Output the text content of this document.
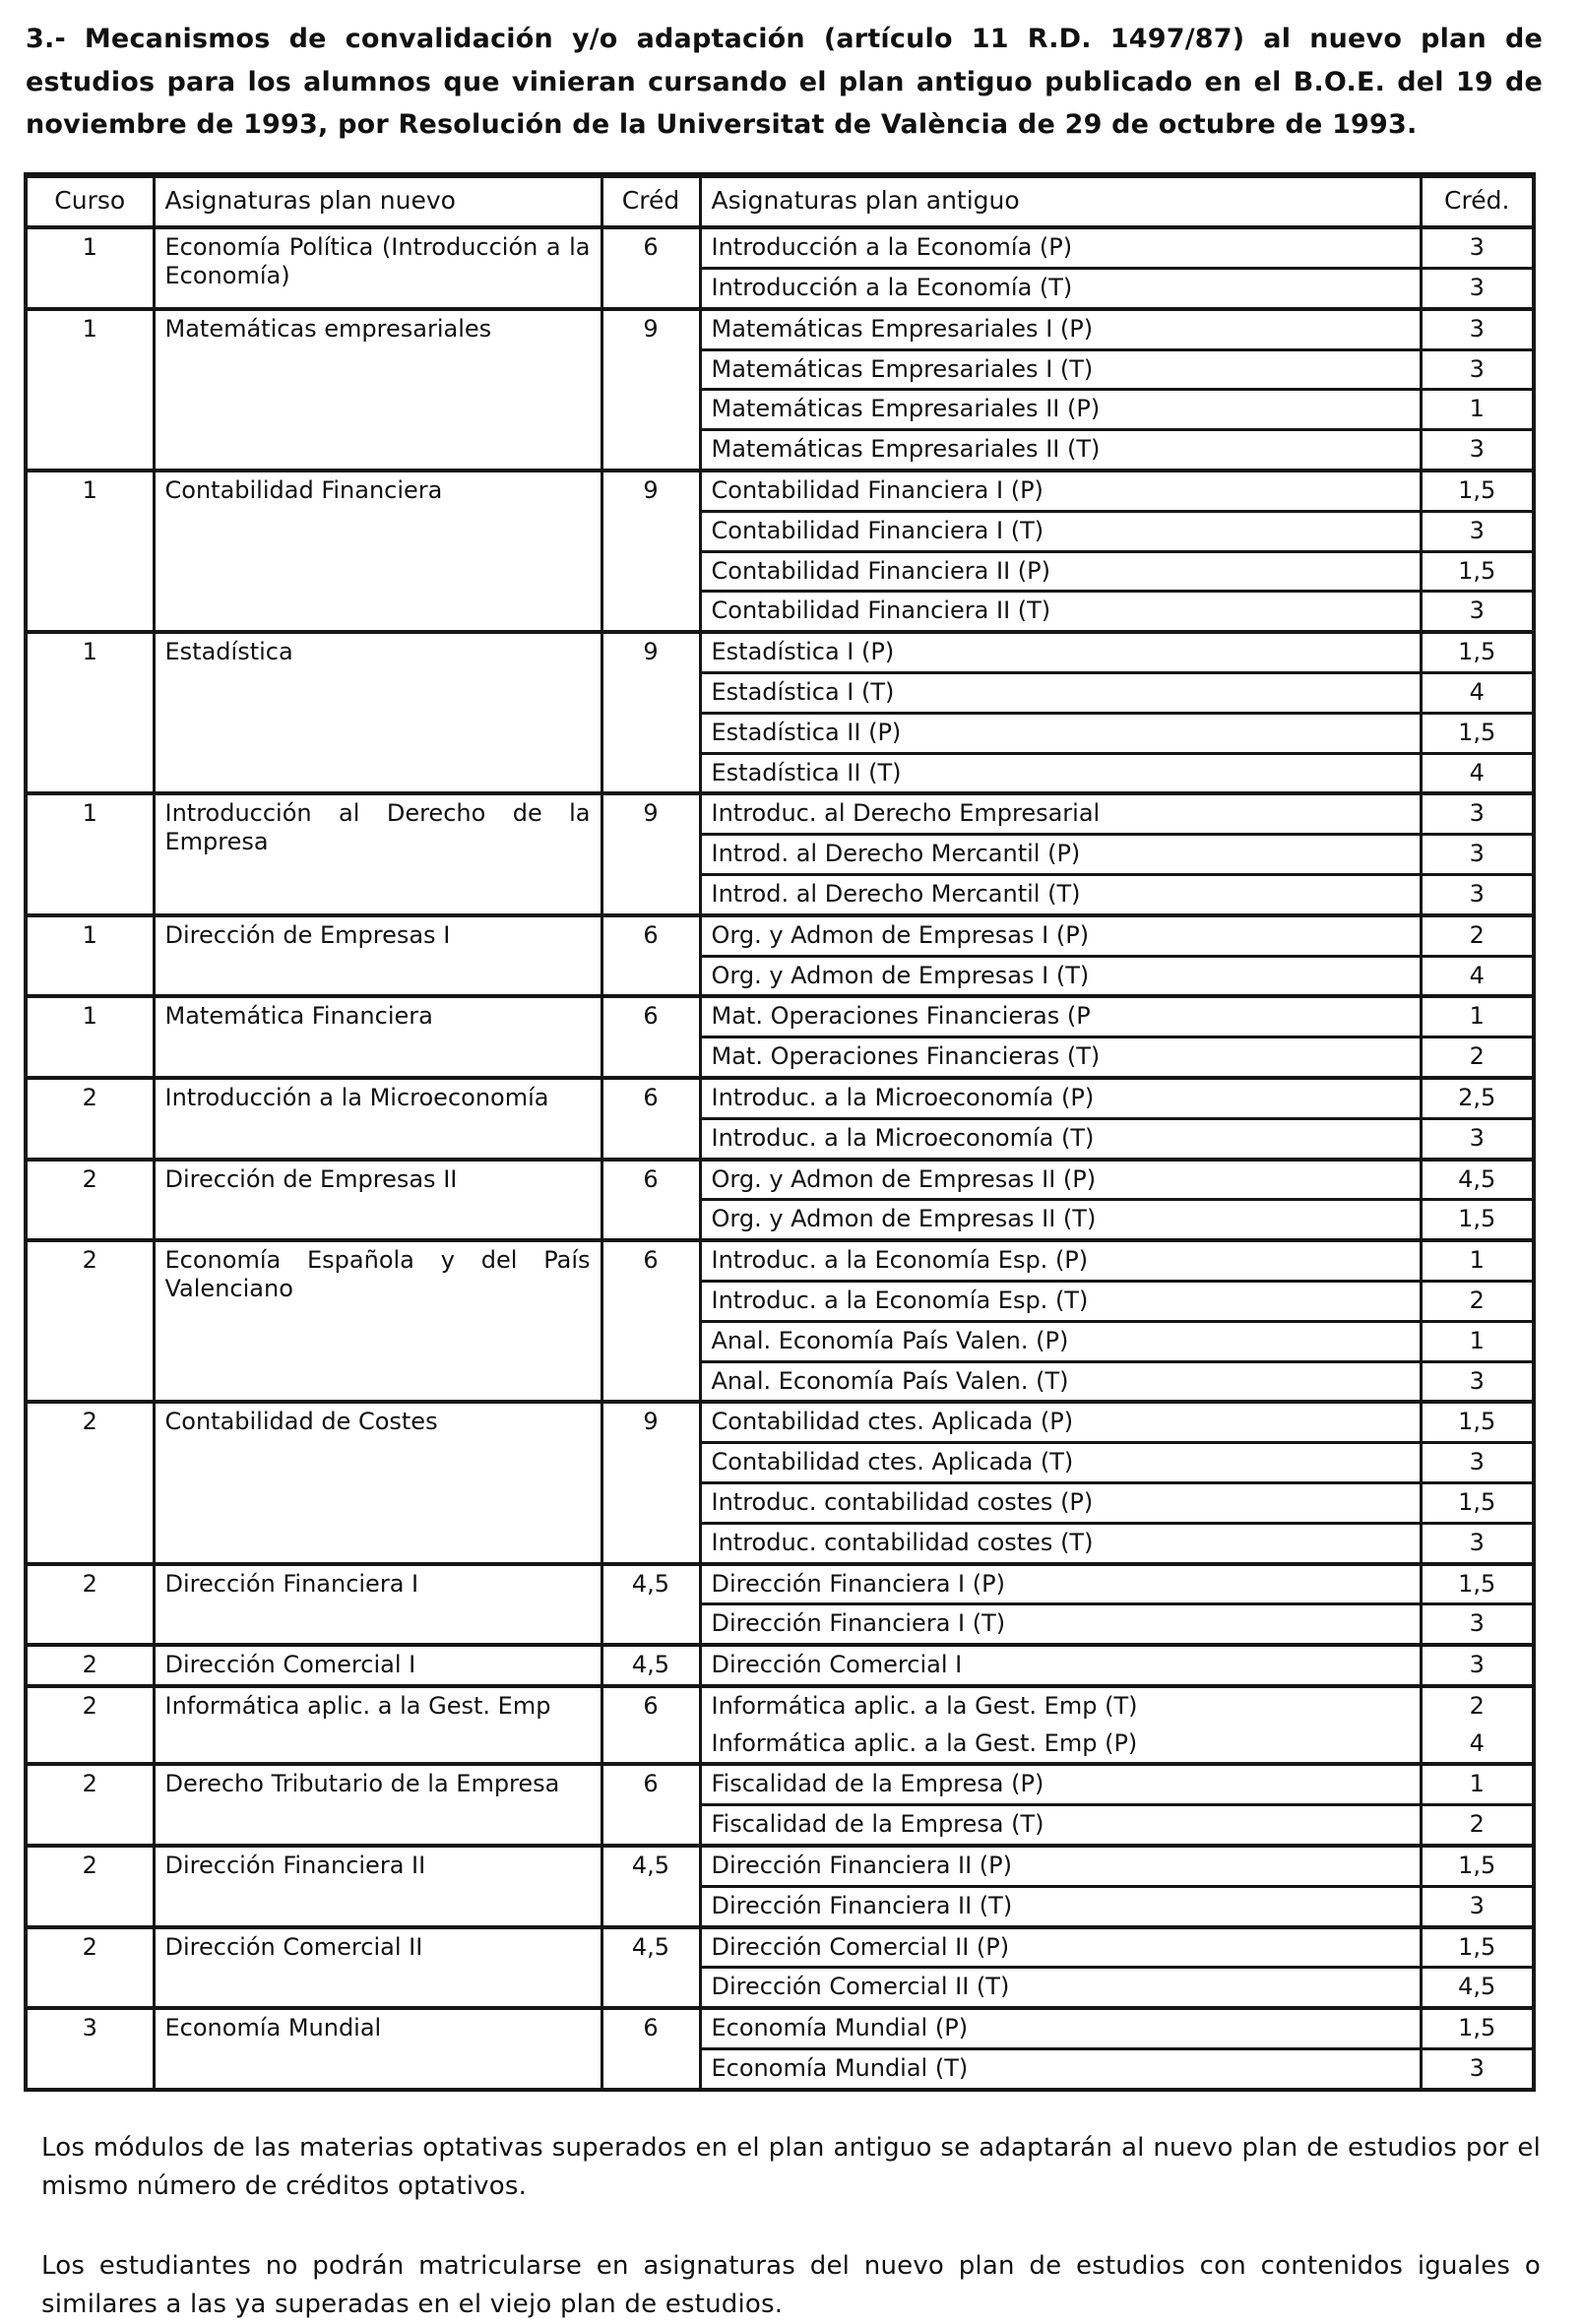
3.- Mecanismos de convalidación y/o adaptación (artículo 11 R.D. 1497/87) al nuevo plan de estudios para los alumnos que vinieran cursando el plan antiguo publicado en el B.O.E. del 19 de noviembre de 1993, por Resolución de la Universitat de València de 29 de octubre de 1993.

Curso	Asignaturas plan nuevo	Créd	Asignaturas plan antiguo	Créd.
1	Economía Política (Introducción a la Economía)	6	Introducción a la Economía (P)	3
			Introducción a la Economía (T)	3
1	Matemáticas empresariales	9	Matemáticas Empresariales I (P)	3
			Matemáticas Empresariales I (T)	3
			Matemáticas Empresariales II (P)	1
			Matemáticas Empresariales II (T)	3
1	Contabilidad Financiera	9	Contabilidad Financiera I (P)	1,5
			Contabilidad Financiera I (T)	3
			Contabilidad Financiera II (P)	1,5
			Contabilidad Financiera II (T)	3
1	Estadística	9	Estadística I (P)	1,5
			Estadística I (T)	4
			Estadística II (P)	1,5
			Estadística II (T)	4
1	Introducción al Derecho de la Empresa	9	Introduc. al Derecho Empresarial	3
			Introd. al Derecho Mercantil (P)	3
			Introd. al Derecho Mercantil (T)	3
1	Dirección de Empresas I	6	Org. y Admon de Empresas I (P)	2
			Org. y Admon de Empresas I (T)	4
1	Matemática Financiera	6	Mat. Operaciones Financieras (P	1
			Mat. Operaciones Financieras (T)	2
2	Introducción a la Microeconomía	6	Introduc. a la Microeconomía (P)	2,5
			Introduc. a la Microeconomía (T)	3
2	Dirección de Empresas II	6	Org. y Admon de Empresas II (P)	4,5
			Org. y Admon de Empresas II (T)	1,5
2	Economía Española y del País Valenciano	6	Introduc. a la Economía Esp. (P)	1
			Introduc. a la Economía Esp. (T)	2
			Anal. Economía País Valen. (P)	1
			Anal. Economía País Valen. (T)	3
2	Contabilidad de Costes	9	Contabilidad ctes. Aplicada (P)	1,5
			Contabilidad ctes. Aplicada (T)	3
			Introduc. contabilidad costes (P)	1,5
			Introduc. contabilidad costes (T)	3
2	Dirección Financiera I	4,5	Dirección Financiera I (P)	1,5
			Dirección Financiera I (T)	3
2	Dirección Comercial I	4,5	Dirección Comercial I	3
2	Informática aplic. a la Gest. Emp	6	Informática aplic. a la Gest. Emp (T)	2
			Informática aplic. a la Gest. Emp (P)	4
2	Derecho Tributario de la Empresa	6	Fiscalidad de la Empresa (P)	1
			Fiscalidad de la Empresa (T)	2
2	Dirección Financiera II	4,5	Dirección Financiera II (P)	1,5
			Dirección Financiera II (T)	3
2	Dirección Comercial II	4,5	Dirección Comercial II (P)	1,5
			Dirección Comercial II (T)	4,5
3	Economía Mundial	6	Economía Mundial (P)	1,5
			Economía Mundial (T)	3

Los módulos de las materias optativas superados en el plan antiguo se adaptarán al nuevo plan de estudios por el mismo número de créditos optativos.

Los estudiantes no podrán matricularse en asignaturas del nuevo plan de estudios con contenidos iguales o similares a las ya superadas en el viejo plan de estudios.
